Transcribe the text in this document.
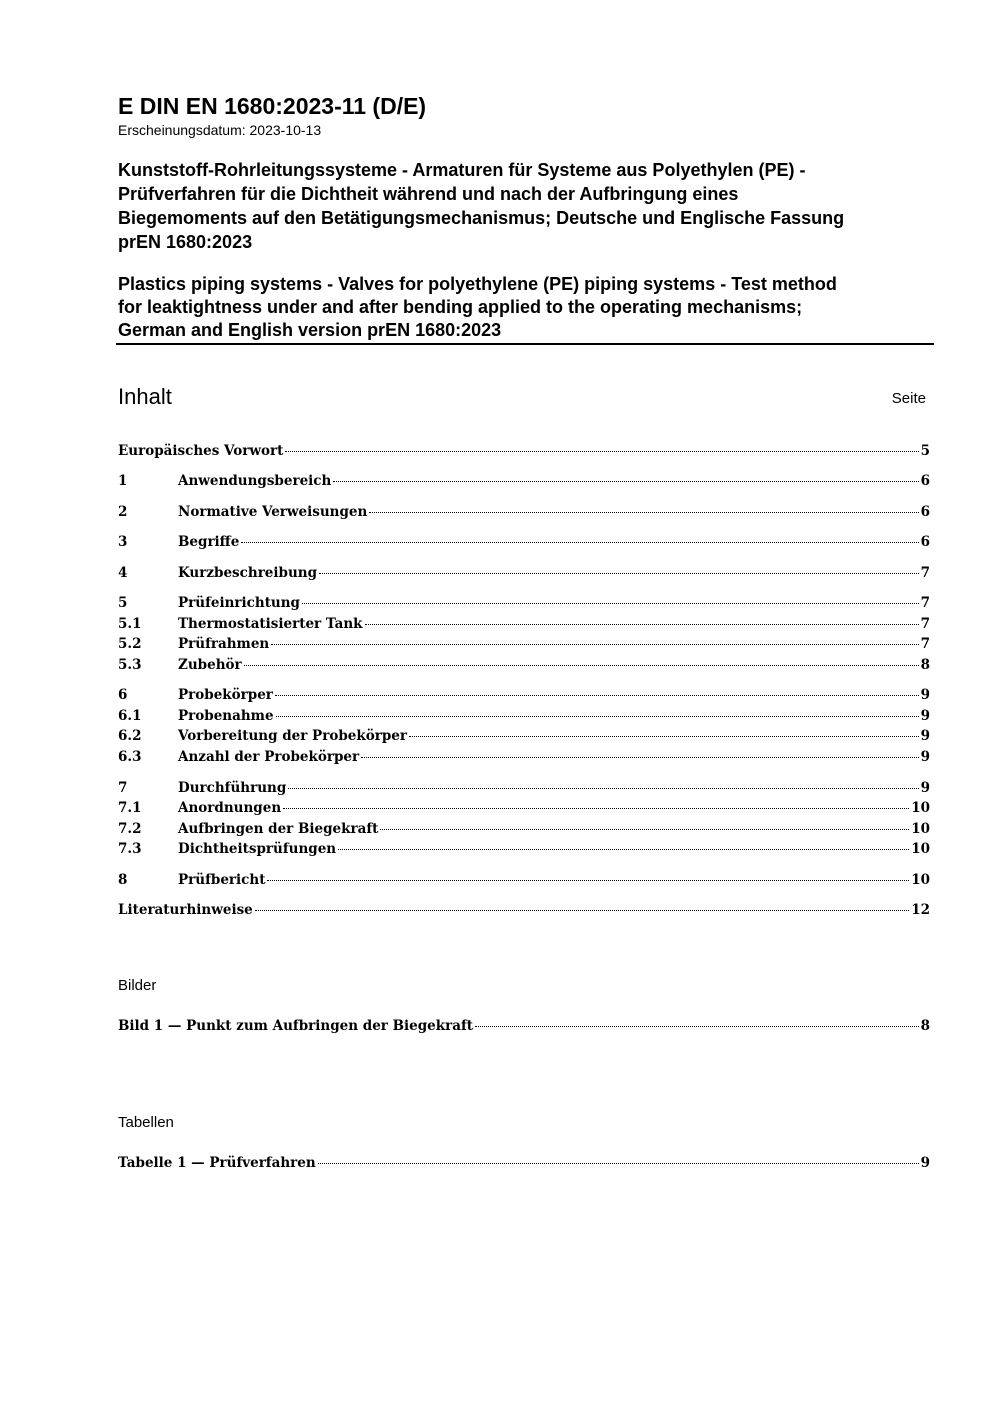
E DIN EN 1680:2023-11 (D/E)
Erscheinungsdatum: 2023-10-13
Kunststoff-Rohrleitungssysteme - Armaturen für Systeme aus Polyethylen (PE) -
Prüfverfahren für die Dichtheit während und nach der Aufbringung eines
Biegemoments auf den Betätigungsmechanismus; Deutsche und Englische Fassung
prEN 1680:2023
Plastics piping systems - Valves for polyethylene (PE) piping systems - Test method
for leaktightness under and after bending applied to the operating mechanisms;
German and English version prEN 1680:2023
Inhalt	Seite
Europäisches Vorwort	5
1	Anwendungsbereich	6
2	Normative Verweisungen	6
3	Begriffe	6
4	Kurzbeschreibung	7
5	Prüfeinrichtung	7
5.1	Thermostatisierter Tank	7
5.2	Prüfrahmen	7
5.3	Zubehör	8
6	Probekörper	9
6.1	Probenahme	9
6.2	Vorbereitung der Probekörper	9
6.3	Anzahl der Probekörper	9
7	Durchführung	9
7.1	Anordnungen	10
7.2	Aufbringen der Biegekraft	10
7.3	Dichtheitsprüfungen	10
8	Prüfbericht	10
Literaturhinweise	12
Bilder
Bild 1 — Punkt zum Aufbringen der Biegekraft	8
Tabellen
Tabelle 1 — Prüfverfahren	9
